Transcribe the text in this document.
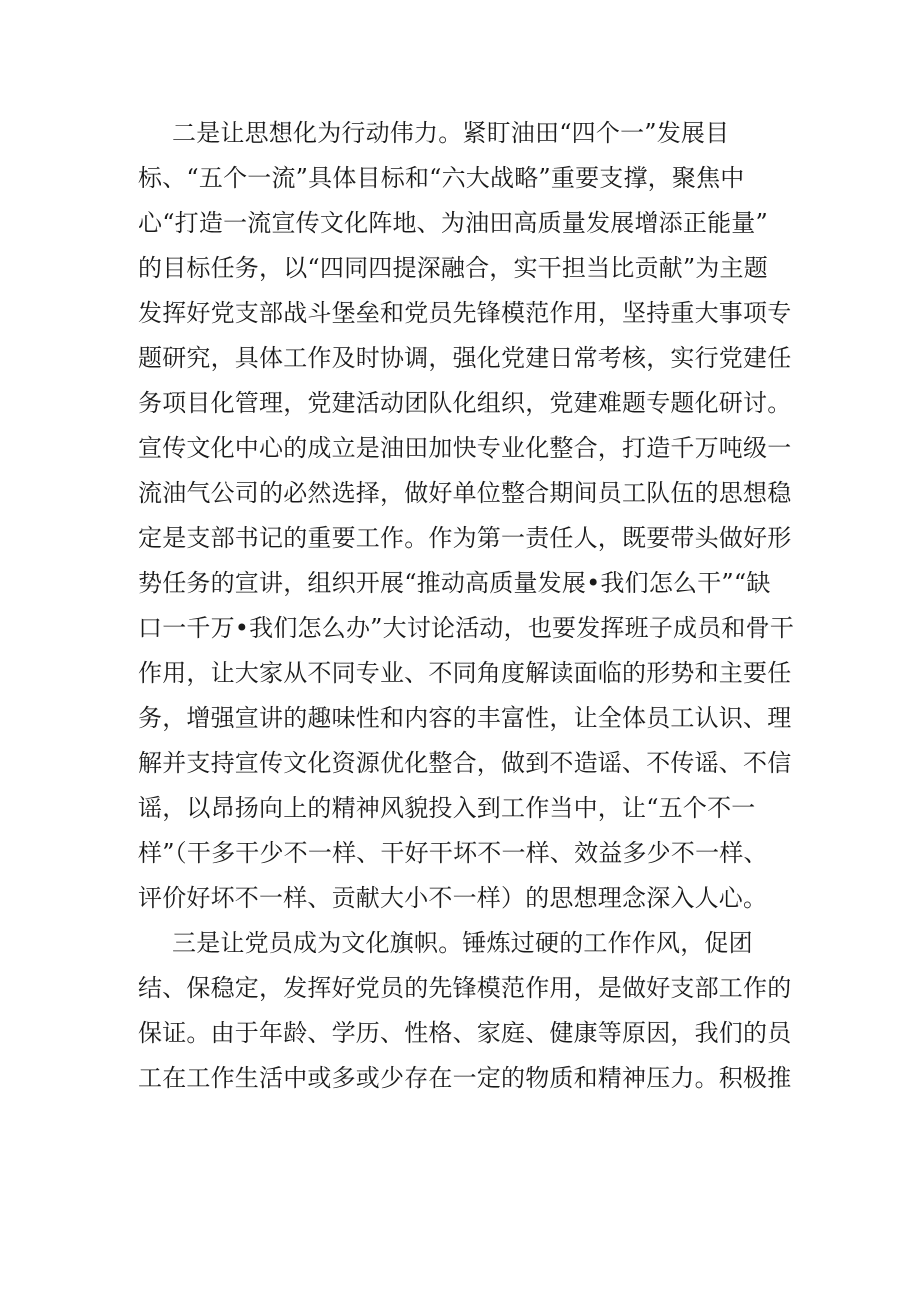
二是让思想化为行动伟力。紧盯油田“四个一”发展目
标、“五个一流”具体目标和“六大战略”重要支撑，聚焦中
心“打造一流宣传文化阵地、为油田高质量发展增添正能量”
的目标任务，以“四同四提深融合，实干担当比贡献”为主题
发挥好党支部战斗堡垒和党员先锋模范作用，坚持重大事项专
题研究，具体工作及时协调，强化党建日常考核，实行党建任
务项目化管理，党建活动团队化组织，党建难题专题化研讨。
宣传文化中心的成立是油田加快专业化整合，打造千万吨级一
流油气公司的必然选择，做好单位整合期间员工队伍的思想稳
定是支部书记的重要工作。作为第一责任人，既要带头做好形
势任务的宣讲，组织开展“推动高质量发展•我们怎么干”“缺
口一千万•我们怎么办”大讨论活动，也要发挥班子成员和骨干
作用，让大家从不同专业、不同角度解读面临的形势和主要任
务，增强宣讲的趣味性和内容的丰富性，让全体员工认识、理
解并支持宣传文化资源优化整合，做到不造谣、不传谣、不信
谣，以昂扬向上的精神风貌投入到工作当中，让“五个不一
样”（干多干少不一样、干好干坏不一样、效益多少不一样、
评价好坏不一样、贡献大小不一样）的思想理念深入人心。
三是让党员成为文化旗帜。锤炼过硬的工作作风，促团
结、保稳定，发挥好党员的先锋模范作用，是做好支部工作的
保证。由于年龄、学历、性格、家庭、健康等原因，我们的员
工在工作生活中或多或少存在一定的物质和精神压力。积极推
